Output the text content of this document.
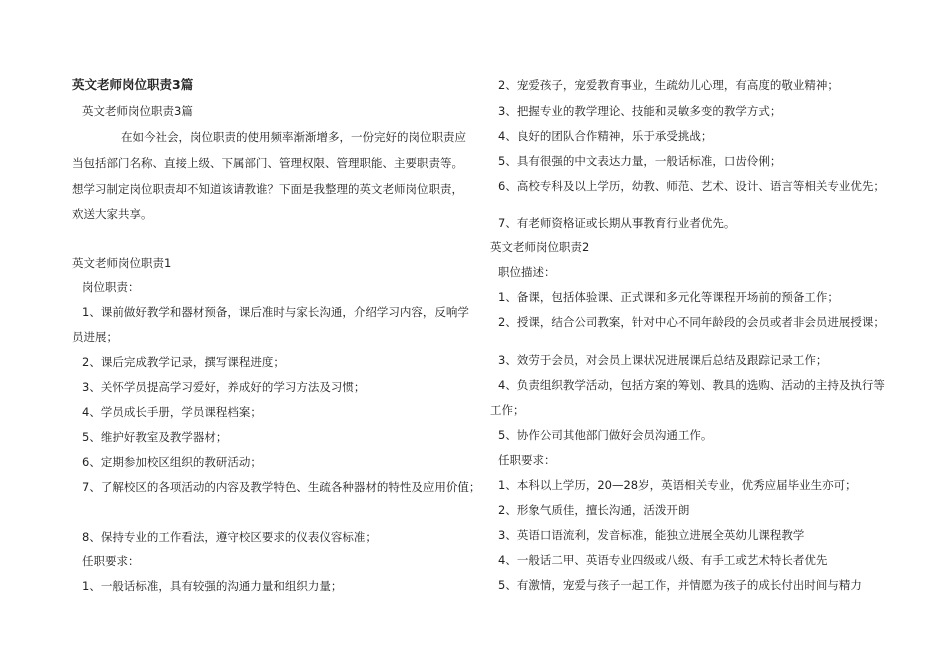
英文老师岗位职责3篇

英文老师岗位职责3篇

在如今社会，岗位职责的使用频率渐渐增多，一份完好的岗位职责应

当包括部门名称、直接上级、下属部门、管理权限、管理职能、主要职责等。

想学习制定岗位职责却不知道该请教谁？下面是我整理的英文老师岗位职责，

欢送大家共享。

英文老师岗位职责1

岗位职责：

1、课前做好教学和器材预备，课后准时与家长沟通，介绍学习内容，反响学

员进展；

2、课后完成教学记录，撰写课程进度；

3、关怀学员提高学习爱好，养成好的学习方法及习惯；

4、学员成长手册，学员课程档案；

5、维护好教室及教学器材；

6、定期参加校区组织的教研活动；

7、了解校区的各项活动的内容及教学特色、生疏各种器材的特性及应用价值；

8、保持专业的工作看法，遵守校区要求的仪表仪容标准；

任职要求：

1、一般话标准，具有较强的沟通力量和组织力量；

2、宠爱孩子，宠爱教育事业，生疏幼儿心理，有高度的敬业精神；

3、把握专业的教学理论、技能和灵敏多变的教学方式；

4、良好的团队合作精神，乐于承受挑战；

5、具有很强的中文表达力量，一般话标准，口齿伶俐；

6、高校专科及以上学历，幼教、师范、艺术、设计、语言等相关专业优先；

7、有老师资格证或长期从事教育行业者优先。

英文老师岗位职责2

职位描述：

1、备课，包括体验课、正式课和多元化等课程开场前的预备工作；

2、授课，结合公司教案，针对中心不同年龄段的会员或者非会员进展授课；

3、效劳于会员，对会员上课状况进展课后总结及跟踪记录工作；

4、负责组织教学活动，包括方案的筹划、教具的选购、活动的主持及执行等

工作；

5、协作公司其他部门做好会员沟通工作。

任职要求：

1、本科以上学历，20—28岁，英语相关专业，优秀应届毕业生亦可；

2、形象气质佳，擅长沟通，活泼开朗

3、英语口语流利，发音标准，能独立进展全英幼儿课程教学

4、一般话二甲、英语专业四级或八级、有手工或艺术特长者优先

5、有激情，宠爱与孩子一起工作，并情愿为孩子的成长付出时间与精力
